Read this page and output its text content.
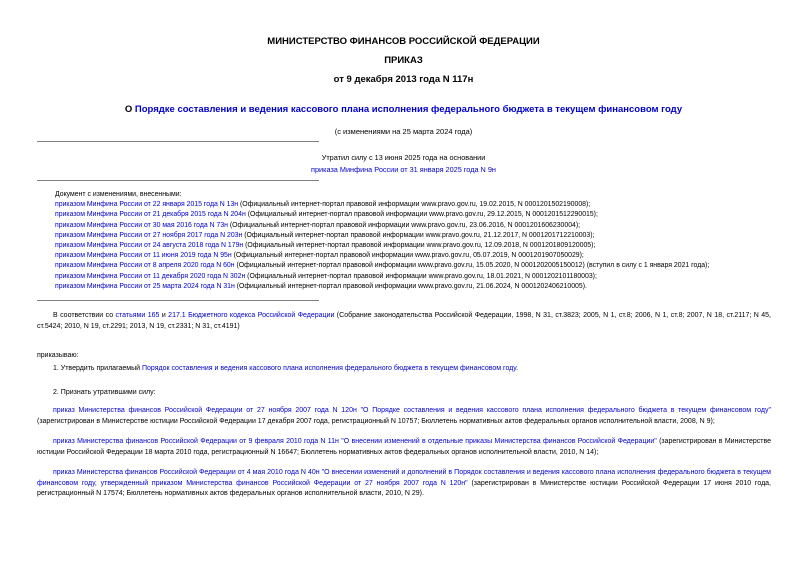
МИНИСТЕРСТВО ФИНАНСОВ РОССИЙСКОЙ ФЕДЕРАЦИИ
ПРИКАЗ
от 9 декабря 2013 года N 117н
О Порядке составления и ведения кассового плана исполнения федерального бюджета в текущем финансовом году
(с изменениями на 25 марта 2024 года)
Утратил силу с 13 июня 2025 года на основании
приказа Минфина России от 31 января 2025 года N 9н
Документ с изменениями, внесенными:
приказом Минфина России от 22 января 2015 года N 13н (Официальный интернет-портал правовой информации www.pravo.gov.ru, 19.02.2015, N 0001201502190008);
приказом Минфина России от 21 декабря 2015 года N 204н (Официальный интернет-портал правовой информации www.pravo.gov.ru, 29.12.2015, N 0001201512290015);
приказом Минфина России от 30 мая 2016 года N 73н (Официальный интернет-портал правовой информации www.pravo.gov.ru, 23.06.2016, N 0001201606230004);
приказом Минфина России от 27 ноября 2017 года N 203н (Официальный интернет-портал правовой информации www.pravo.gov.ru, 21.12.2017, N 0001201712210003);
приказом Минфина России от 24 августа 2018 года N 179н (Официальный интернет-портал правовой информации www.pravo.gov.ru, 12.09.2018, N 0001201809120005);
приказом Минфина России от 11 июня 2019 года N 95н (Официальный интернет-портал правовой информации www.pravo.gov.ru, 05.07.2019, N 0001201907050029);
приказом Минфина России от 8 апреля 2020 года N 60н (Официальный интернет-портал правовой информации www.pravo.gov.ru, 15.05.2020, N 0001202005150012) (вступил в силу с 1 января 2021 года);
приказом Минфина России от 11 декабря 2020 года N 302н (Официальный интернет-портал правовой информации www.pravo.gov.ru, 18.01.2021, N 0001202101180003);
приказом Минфина России от 25 марта 2024 года N 31н (Официальный интернет-портал правовой информации www.pravo.gov.ru, 21.06.2024, N 0001202406210005).
В соответствии со статьями 165 и 217.1 Бюджетного кодекса Российской Федерации (Собрание законодательства Российской Федерации, 1998, N 31, ст.3823; 2005, N 1, ст.8; 2006, N 1, ст.8; 2007, N 18, ст.2117; N 45, ст.5424; 2010, N 19, ст.2291; 2013, N 19, ст.2331; N 31, ст.4191)
приказываю:
1. Утвердить прилагаемый Порядок составления и ведения кассового плана исполнения федерального бюджета в текущем финансовом году.
2. Признать утратившими силу:
приказ Министерства финансов Российской Федерации от 27 ноября 2007 года N 120н "О Порядке составления и ведения кассового плана исполнения федерального бюджета в текущем финансовом году" (зарегистрирован в Министерстве юстиции Российской Федерации 17 декабря 2007 года, регистрационный N 10757; Бюллетень нормативных актов федеральных органов исполнительной власти, 2008, N 9);
приказ Министерства финансов Российской Федерации от 9 февраля 2010 года N 11н "О внесении изменений в отдельные приказы Министерства финансов Российской Федерации" (зарегистрирован в Министерстве юстиции Российской Федерации 18 марта 2010 года, регистрационный N 16647; Бюллетень нормативных актов федеральных органов исполнительной власти, 2010, N 14);
приказ Министерства финансов Российской Федерации от 4 мая 2010 года N 40н "О внесении изменений и дополнений в Порядок составления и ведения кассового плана исполнения федерального бюджета в текущем финансовом году, утвержденный приказом Министерства финансов Российской Федерации от 27 ноября 2007 года N 120н" (зарегистрирован в Министерстве юстиции Российской Федерации 17 июня 2010 года, регистрационный N 17574; Бюллетень нормативных актов федеральных органов исполнительной власти, 2010, N 29).
